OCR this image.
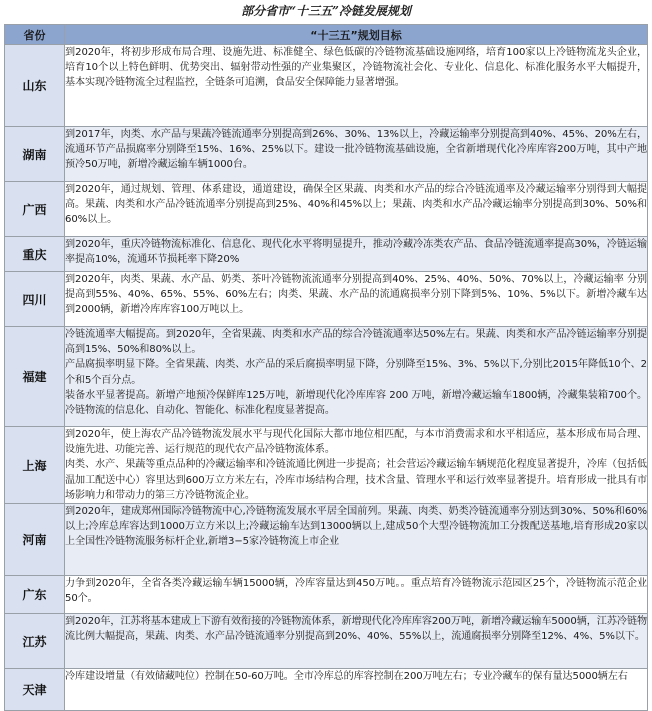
部分省市“十三五”冷链发展规划
省份	“十三五”规划目标
山东	到2020年，将初步形成布局合理、设施先进、标准健全、绿色低碳的冷链物流基础设施网络，培育100家以上冷链物流龙头企业，培育10个以上特色鲜明、优势突出、辐射带动性强的产业集聚区，冷链物流社会化、专业化、信息化、标准化服务水平大幅提升，基本实现冷链物流全过程监控，全链条可追溯，食品安全保障能力显著增强。

湖南	到2017年，肉类、水产品与果蔬冷链流通率分别提高到26%、30%、13%以上，冷藏运输率分别提高到40%、45%、20%左右，流通环节产品损腐率分别降至15%、16%、25%以下。建设一批冷链物流基础设施，全省新增现代化冷库库容200万吨，其中产地预冷50万吨，新增冷藏运输车辆1000台。

广西	到2020年，通过规划、管理、体系建设，通道建设，确保全区果蔬、肉类和水产品的综合冷链流通率及冷藏运输率分别得到大幅提高。果蔬、肉类和水产品冷链流通率分别提高到25%、40%和45%以上；果蔬、肉类和水产品冷藏运输率分别提高到30%、50%和60%以上。

重庆	到2020年，重庆冷链物流标准化、信息化、现代化水平将明显提升，推动冷藏冷冻类农产品、食品冷链流通率提高30%，冷链运输率提高10%，流通环节损耗率下降20%

四川	到2020年，肉类、果蔬、水产品、奶类、茶叶冷链物流流通率分别提高到40%、25%、40%、50%、70%以上，冷藏运输率 分别提高到55%、40%、65%、55%、60%左右；肉类、果蔬、水产品的流通腐损率分别下降到5%、10%、5%以下。新增冷藏车达到2000辆，新增冷库库容100万吨以上。

福建	冷链流通率大幅提高。到2020年，全省果蔬、肉类和水产品的综合冷链流通率达50%左右。果蔬、肉类和水产品冷链运输率分别提高到15%、50%和80%以上。
产品腐损率明显下降。全省果蔬、肉类、水产品的采后腐损率明显下降，分别降至15%、3%、5%以下,分别比2015年降低10个、2个和5个百分点。
装备水平显著提高。新增产地预冷保鲜库125万吨，新增现代化冷库库容 200 万吨，新增冷藏运输车1800辆，冷藏集装箱700个。冷链物流的信息化、自动化、智能化、标准化程度显著提高。

上海	到2020年，使上海农产品冷链物流发展水平与现代化国际大都市地位相匹配，与本市消费需求和水平相适应，基本形成布局合理、设施先进、功能完善、运行规范的现代农产品冷链物流体系。
肉类、水产、果蔬等重点品种的冷藏运输率和冷链流通比例进一步提高；社会营运冷藏运输车辆规范化程度显著提升，冷库（包括低温加工配送中心）容里达到600万立方米左右，冷库市场结构合理，技术含量、管理水平和运行效率显著提升。培育形成一批具有市场影响力和带动力的第三方冷链物流企业。

河南	到2020年，建成郑州国际冷链物流中心,冷链物流发展水平居全国前列。果蔬、肉类、奶类冷链流通率分别达到30%、50%和60%以上;冷库总库容达到1000万立方米以上;冷藏运输车达到13000辆以上,建成50个大型冷链物流加工分拨配送基地,培育形成20家以上全国性冷链物流服务标杆企业,新增3−5家冷链物流上市企业

广东	力争到2020年，全省各类冷藏运输车辆15000辆，冷库容量达到450万吨。。重点培育冷链物流示范园区25个，冷链物流示范企业50个。

江苏	到2020年，江苏将基本建成上下游有效衔接的冷链物流体系，新增现代化冷库库容200万吨，新增冷藏运输车5000辆，江苏冷链物流比例大幅提高，果蔬、肉类、水产品冷链流通率分别提高到20%、40%、55%以上，流通腐损率分别降至12%、4%、5%以下。

天津	冷库建设增量（有效储藏吨位）控制在50-60万吨。全市冷库总的库容控制在200万吨左右；专业冷藏车的保有量达5000辆左右
